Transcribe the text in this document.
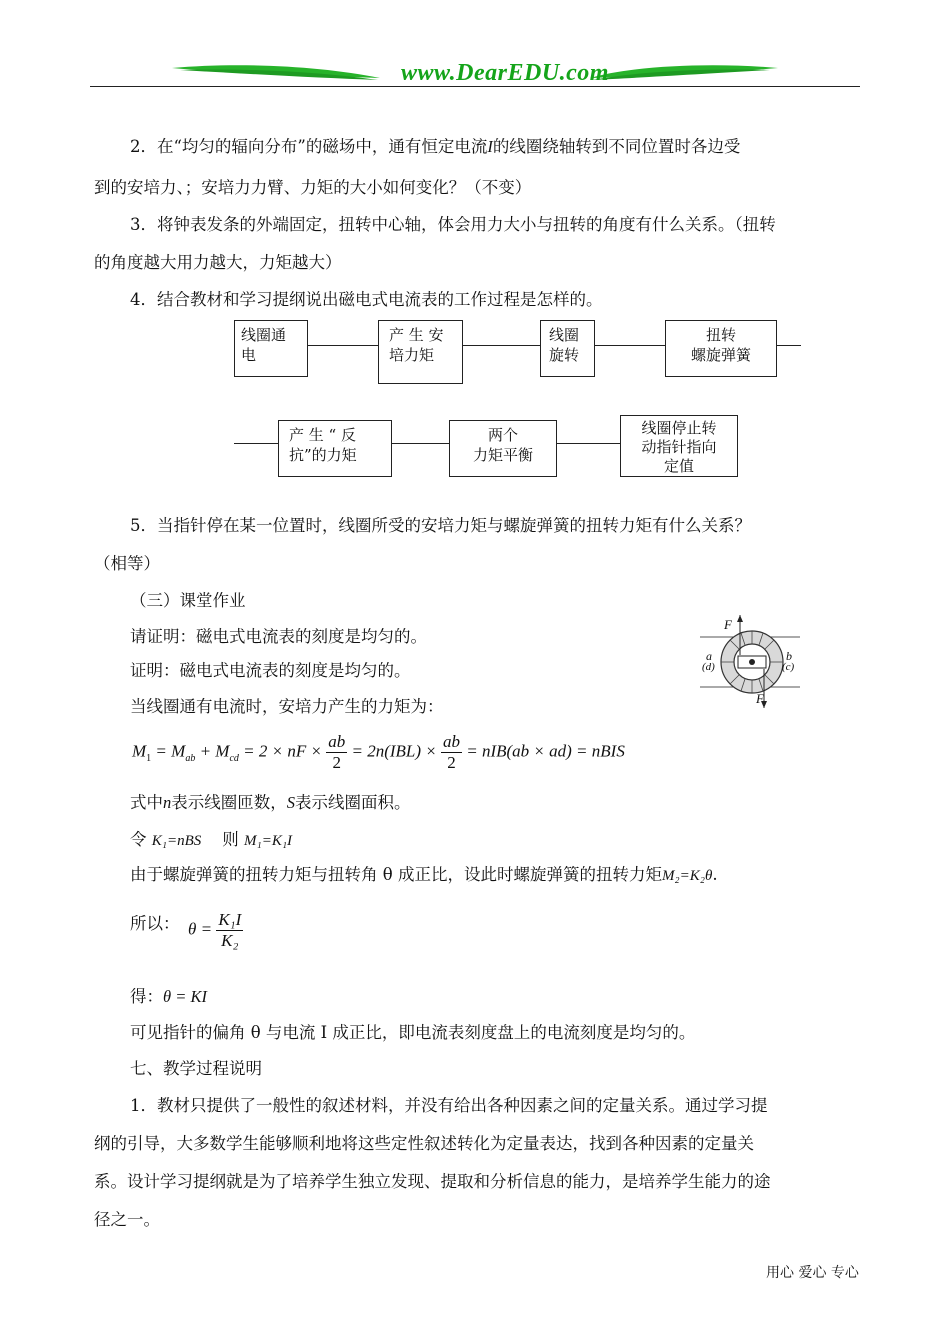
www.DearEDU.com
2．在“均匀的辐向分布”的磁场中，通有恒定电流I的线圈绕轴转到不同位置时各边受
到的安培力、；安培力力臂、力矩的大小如何变化？（不变）
3．将钟表发条的外端固定，扭转中心轴，体会用力大小与扭转的角度有什么关系。（扭转
的角度越大用力越大，力矩越大）
4．结合教材和学习提纲说出磁电式电流表的工作过程是怎样的。
线圈通
电
产 生 安
培力矩
线圈
旋转
扭转
螺旋弹簧
产 生 “ 反
抗”的力矩
两个
力矩平衡
线圈停止转
动指针指向
定值
5．当指针停在某一位置时，线圈所受的安培力矩与螺旋弹簧的扭转力矩有什么关系？
（相等）
（三）课堂作业
请证明：磁电式电流表的刻度是均匀的。
证明：磁电式电流表的刻度是均匀的。
当线圈通有电流时，安培力产生的力矩为：
F
F
a
(d)
b
(c)
$M_1 = M_{ab} + M_{cd} = 2$ × nF × $\frac{ab}{2} = 2n(IBL) \times \frac{ab}{2} = nIB(ab \times ad)$ = nBIS
式中n表示线圈匝数，S表示线圈面积。
令 K₁=nBS 则 M₁=K₁I
由于螺旋弹簧的扭转力矩与扭转角 θ 成正比，设此时螺旋弹簧的扭转力矩M₂=K₂θ.
所以： $\theta = \frac{\text{K₁I}}{\text{K₂}}$
得：θ = KI
可见指针的偏角 θ 与电流 I 成正比，即电流表刻度盘上的电流刻度是均匀的。
七、教学过程说明
1．教材只提供了一般性的叙述材料，并没有给出各种因素之间的定量关系。通过学习提
纲的引导，大多数学生能够顺利地将这些定性叙述转化为定量表达，找到各种因素的定量关
系。设计学习提纲就是为了培养学生独立发现、提取和分析信息的能力，是培养学生能力的途
径之一。
用心 爱心 专心
